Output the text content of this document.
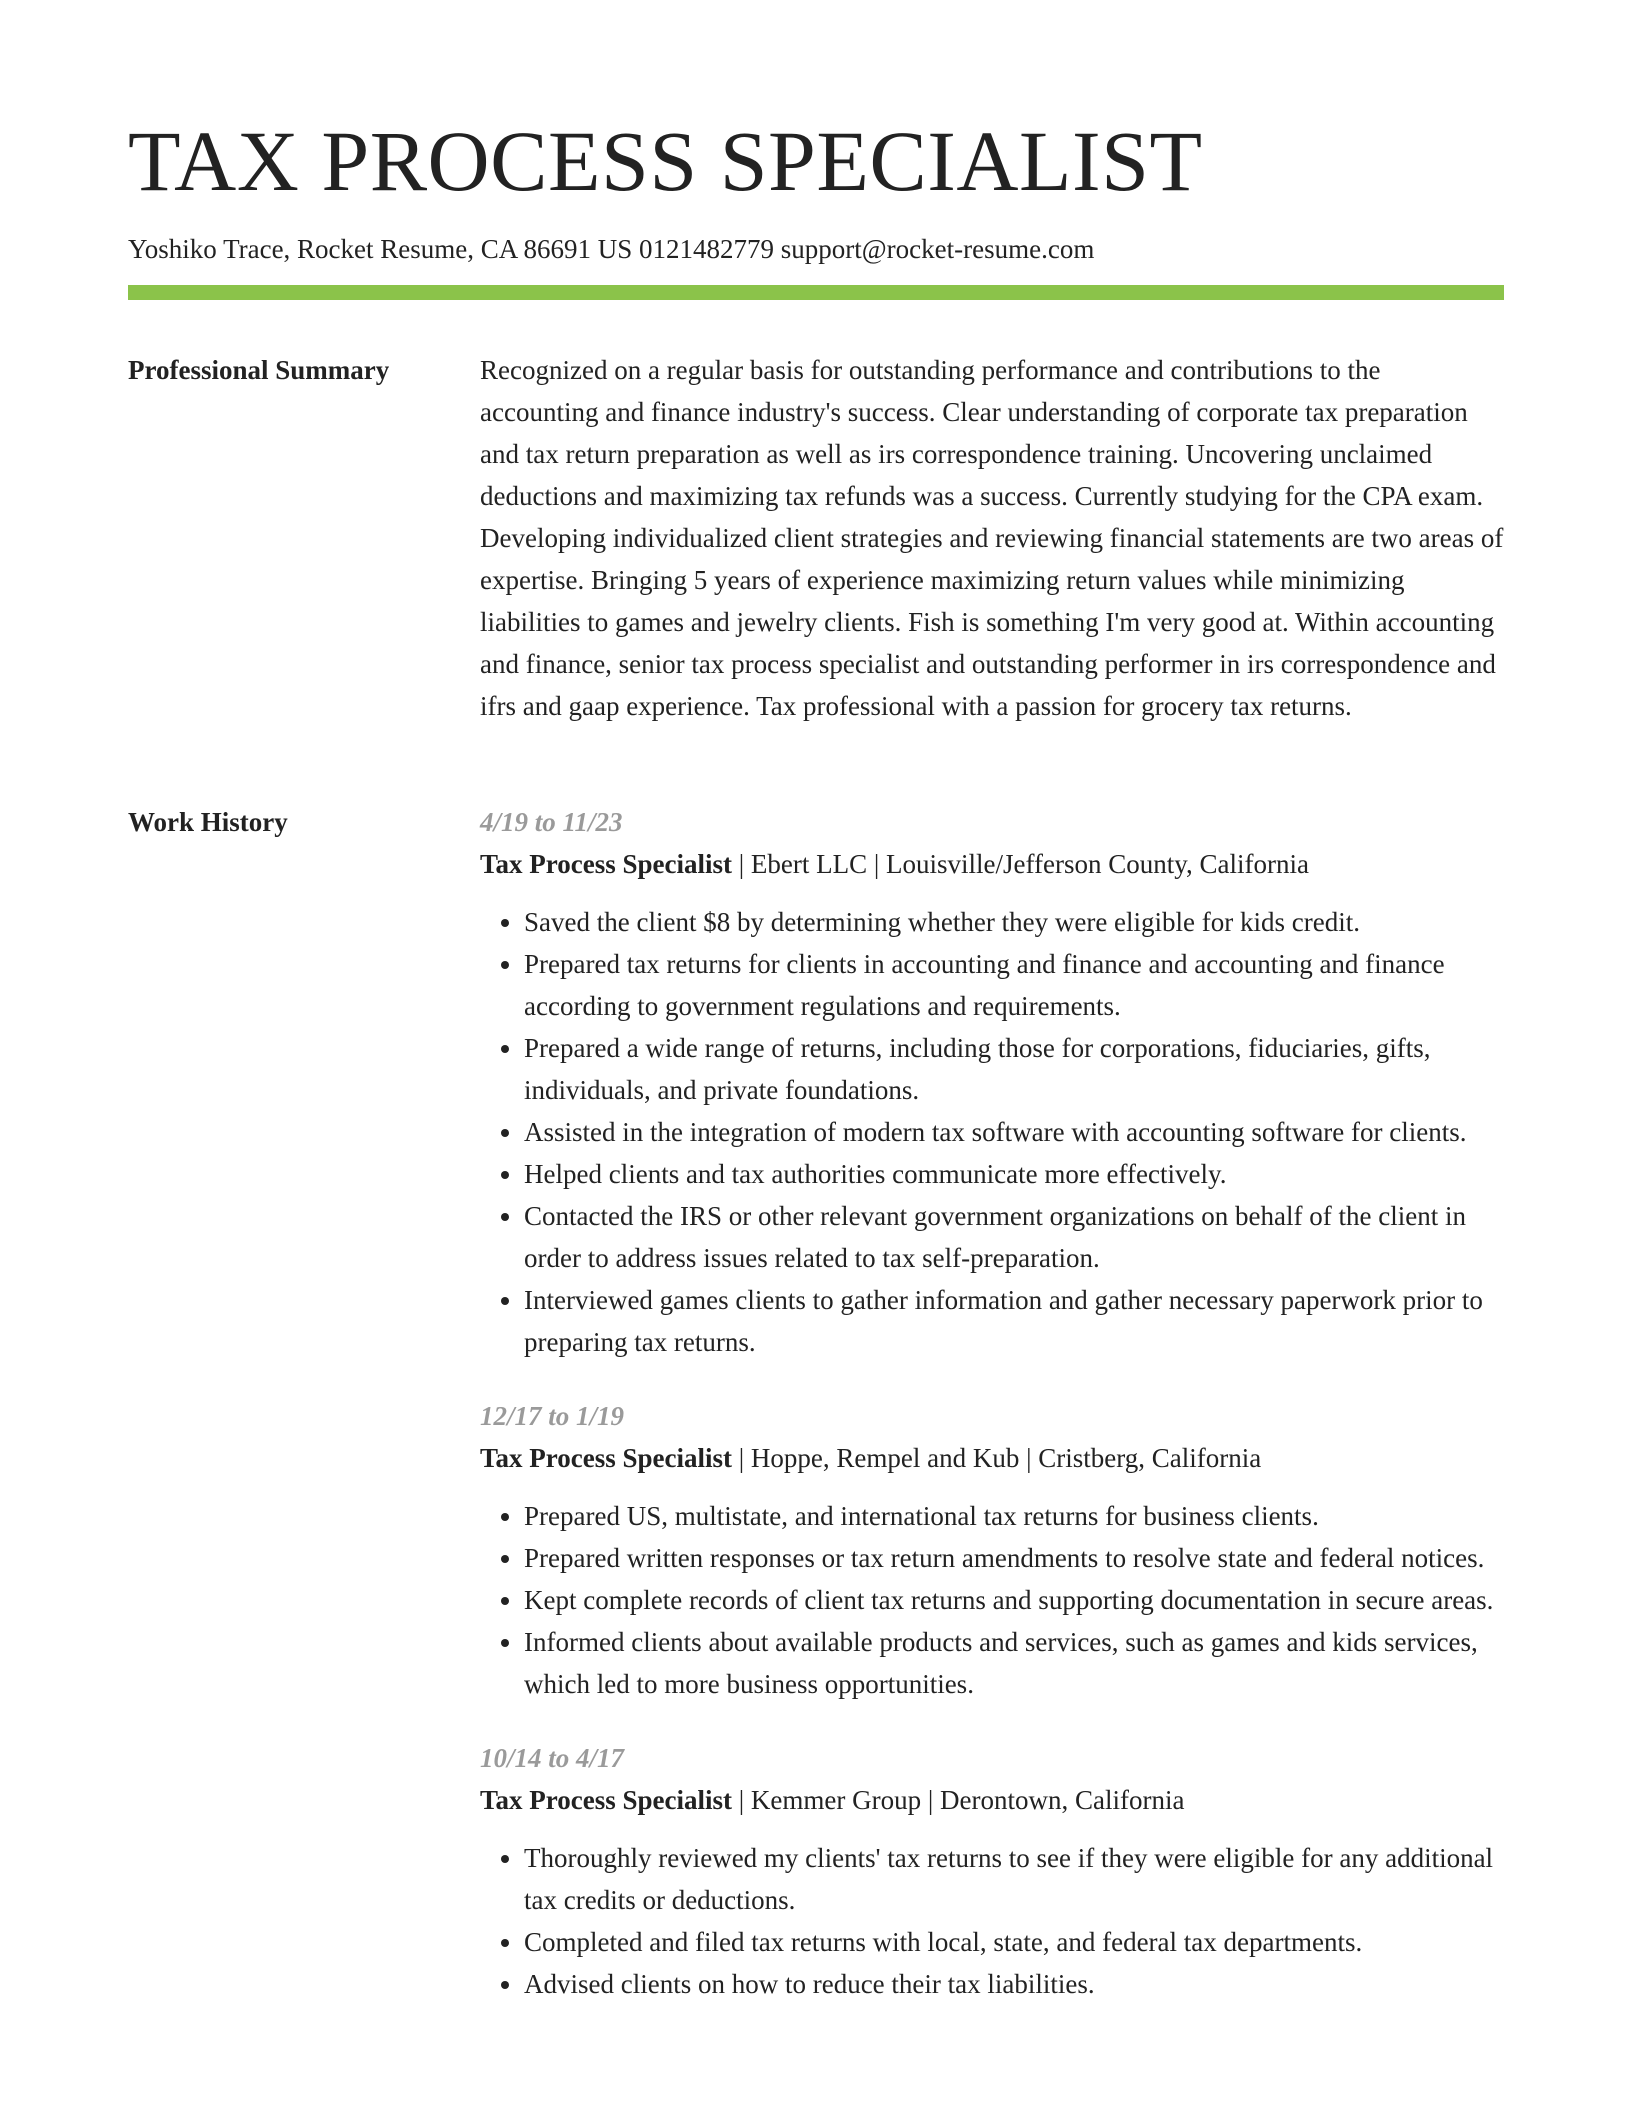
TAX PROCESS SPECIALIST
Yoshiko Trace, Rocket Resume, CA 86691 US 0121482779 support@rocket-resume.com
Professional Summary	Recognized on a regular basis for outstanding performance and contributions to the accounting and finance industry's success. Clear understanding of corporate tax preparation and tax return preparation as well as irs correspondence training. Uncovering unclaimed deductions and maximizing tax refunds was a success. Currently studying for the CPA exam. Developing individualized client strategies and reviewing financial statements are two areas of expertise. Bringing 5 years of experience maximizing return values while minimizing liabilities to games and jewelry clients. Fish is something I'm very good at. Within accounting and finance, senior tax process specialist and outstanding performer in irs correspondence and ifrs and gaap experience. Tax professional with a passion for grocery tax returns.

Work History	4/19 to 11/23
Tax Process Specialist | Ebert LLC | Louisville/Jefferson County, California
• Saved the client $8 by determining whether they were eligible for kids credit.
• Prepared tax returns for clients in accounting and finance and accounting and finance according to government regulations and requirements.
• Prepared a wide range of returns, including those for corporations, fiduciaries, gifts, individuals, and private foundations.
• Assisted in the integration of modern tax software with accounting software for clients.
• Helped clients and tax authorities communicate more effectively.
• Contacted the IRS or other relevant government organizations on behalf of the client in order to address issues related to tax self-preparation.
• Interviewed games clients to gather information and gather necessary paperwork prior to preparing tax returns.
12/17 to 1/19
Tax Process Specialist | Hoppe, Rempel and Kub | Cristberg, California
• Prepared US, multistate, and international tax returns for business clients.
• Prepared written responses or tax return amendments to resolve state and federal notices.
• Kept complete records of client tax returns and supporting documentation in secure areas.
• Informed clients about available products and services, such as games and kids services, which led to more business opportunities.
10/14 to 4/17
Tax Process Specialist | Kemmer Group | Derontown, California
• Thoroughly reviewed my clients' tax returns to see if they were eligible for any additional tax credits or deductions.
• Completed and filed tax returns with local, state, and federal tax departments.
• Advised clients on how to reduce their tax liabilities.
